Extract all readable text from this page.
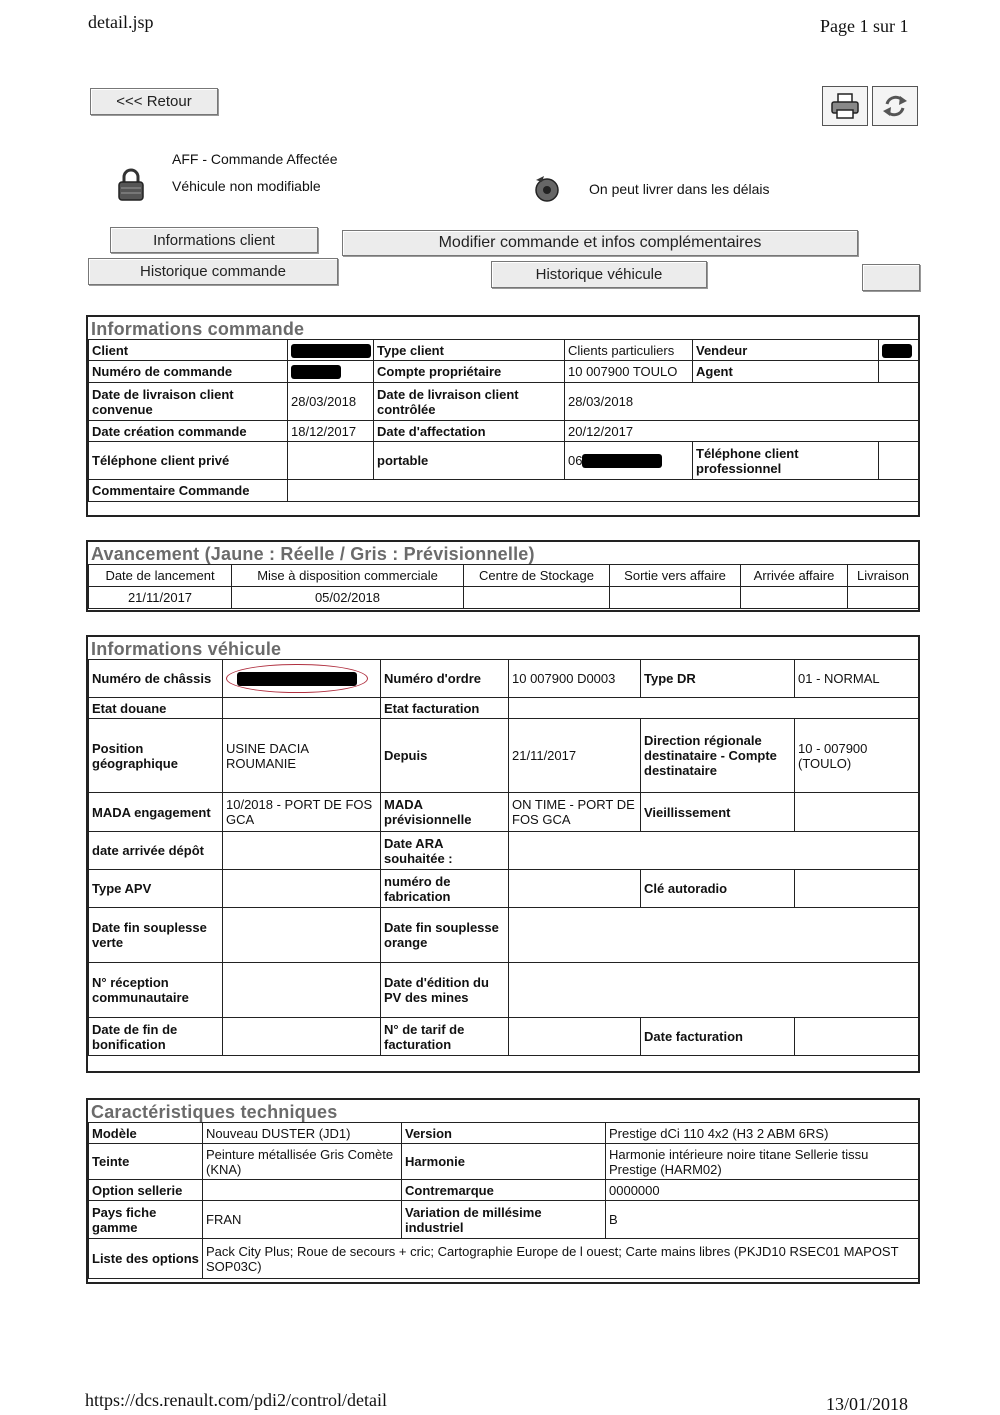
detail.jsp	Page 1 sur 1
<<< Retour
AFF - Commande Affectée
Véhicule non modifiable	On peut livrer dans les délais
Informations client	Modifier commande et infos complémentaires
Historique commande	Historique véhicule
Informations commande
Client		Type client	Clients particuliers	Vendeur	
Numéro de commande		Compte propriétaire	10 007900 TOULO	Agent	
Date de livraison client convenue	28/03/2018	Date de livraison client contrôlée	28/03/2018		
Date création commande	18/12/2017	Date d'affectation	20/12/2017		
Téléphone client privé		portable	06	Téléphone client professionnel	
Commentaire Commande					
Avancement (Jaune : Réelle / Gris : Prévisionnelle)
Date de lancement	Mise à disposition commerciale	Centre de Stockage	Sortie vers affaire	Arrivée affaire	Livraison
21/11/2017	05/02/2018				
Informations véhicule
Numéro de châssis		Numéro d'ordre	10 007900 D0003	Type DR	01 - NORMAL
Etat douane		Etat facturation			
Position géographique	USINE DACIA ROUMANIE	Depuis	21/11/2017	Direction régionale destinataire - Compte destinataire	10 - 007900 (TOULO)
MADA engagement	10/2018 - PORT DE FOS GCA	MADA prévisionnelle	ON TIME - PORT DE FOS GCA	Vieillissement	
date arrivée dépôt		Date ARA souhaitée :			
Type APV		numéro de fabrication		Clé autoradio	
Date fin souplesse verte		Date fin souplesse orange			
N° réception communautaire		Date d'édition du PV des mines			
Date de fin de bonification		N° de tarif de facturation		Date facturation	
Caractéristiques techniques
Modèle	Nouveau DUSTER (JD1)	Version	Prestige dCi 110 4x2 (H3 2 ABM 6RS)
Teinte	Peinture métallisée Gris Comète (KNA)	Harmonie	Harmonie intérieure noire titane Sellerie tissu Prestige (HARM02)
Option sellerie		Contremarque	0000000
Pays fiche gamme	FRAN	Variation de millésime industriel	B
Liste des options	Pack City Plus; Roue de secours + cric; Cartographie Europe de l ouest; Carte mains libres (PKJD10 RSEC01 MAPOST SOP03C)		
https://dcs.renault.com/pdi2/control/detail	13/01/2018
